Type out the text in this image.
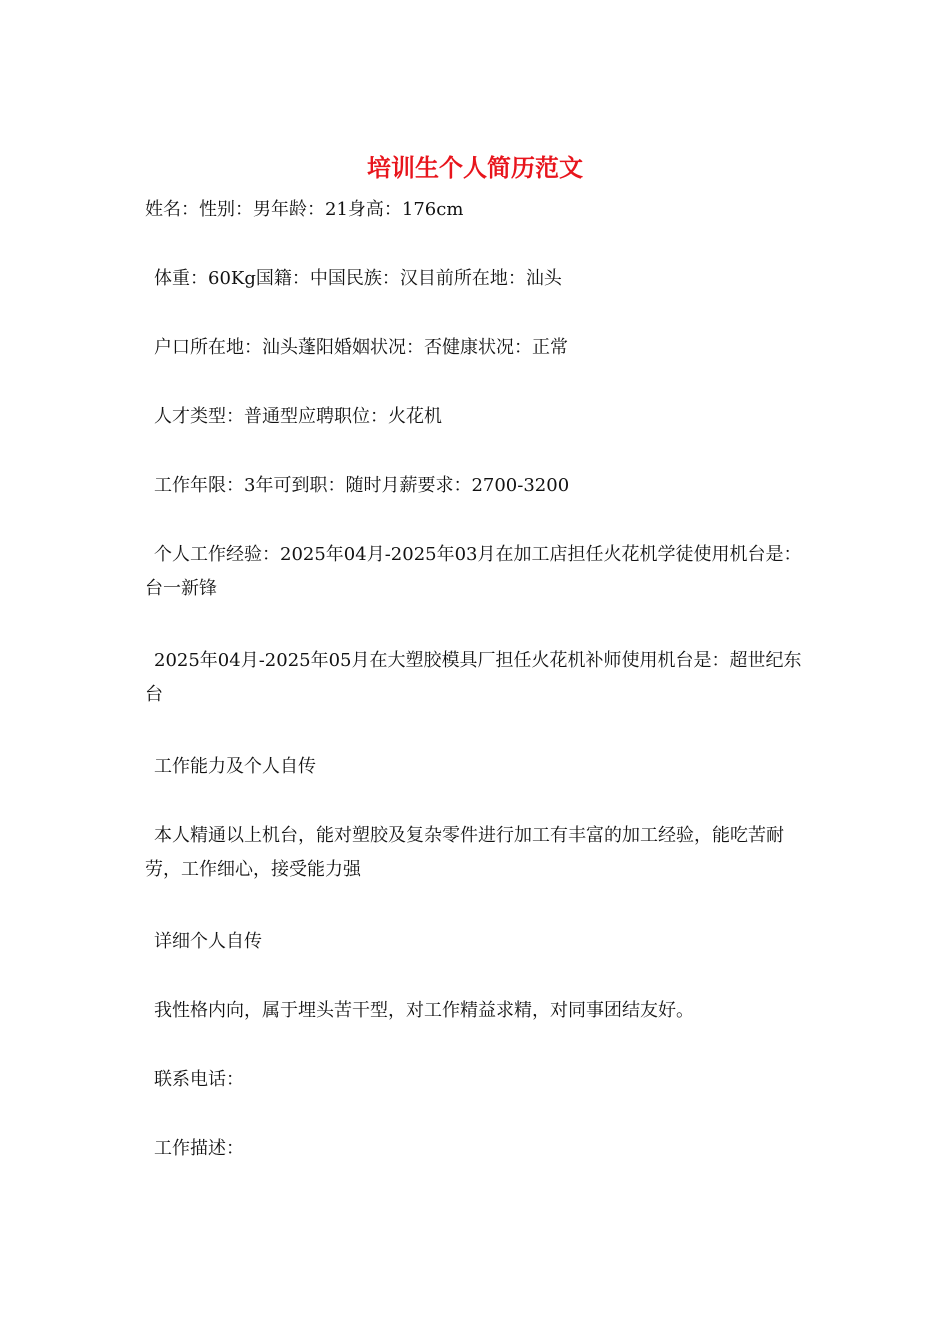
培训生个人简历范文

姓名：性别：男年龄：21身高：176cm

体重：60Kg国籍：中国民族：汉目前所在地：汕头

户口所在地：汕头蓬阳婚姻状况：否健康状况：正常

人才类型：普通型应聘职位：火花机

工作年限：3年可到职：随时月薪要求：2700-3200

个人工作经验：2025年04月-2025年03月在加工店担任火花机学徒使用机台是：台一新锋

2025年04月-2025年05月在大塑胶模具厂担任火花机补师使用机台是：超世纪东台

工作能力及个人自传

本人精通以上机台，能对塑胶及复杂零件进行加工有丰富的加工经验，能吃苦耐劳，工作细心，接受能力强

详细个人自传

我性格内向，属于埋头苦干型，对工作精益求精，对同事团结友好。

联系电话：

工作描述：
